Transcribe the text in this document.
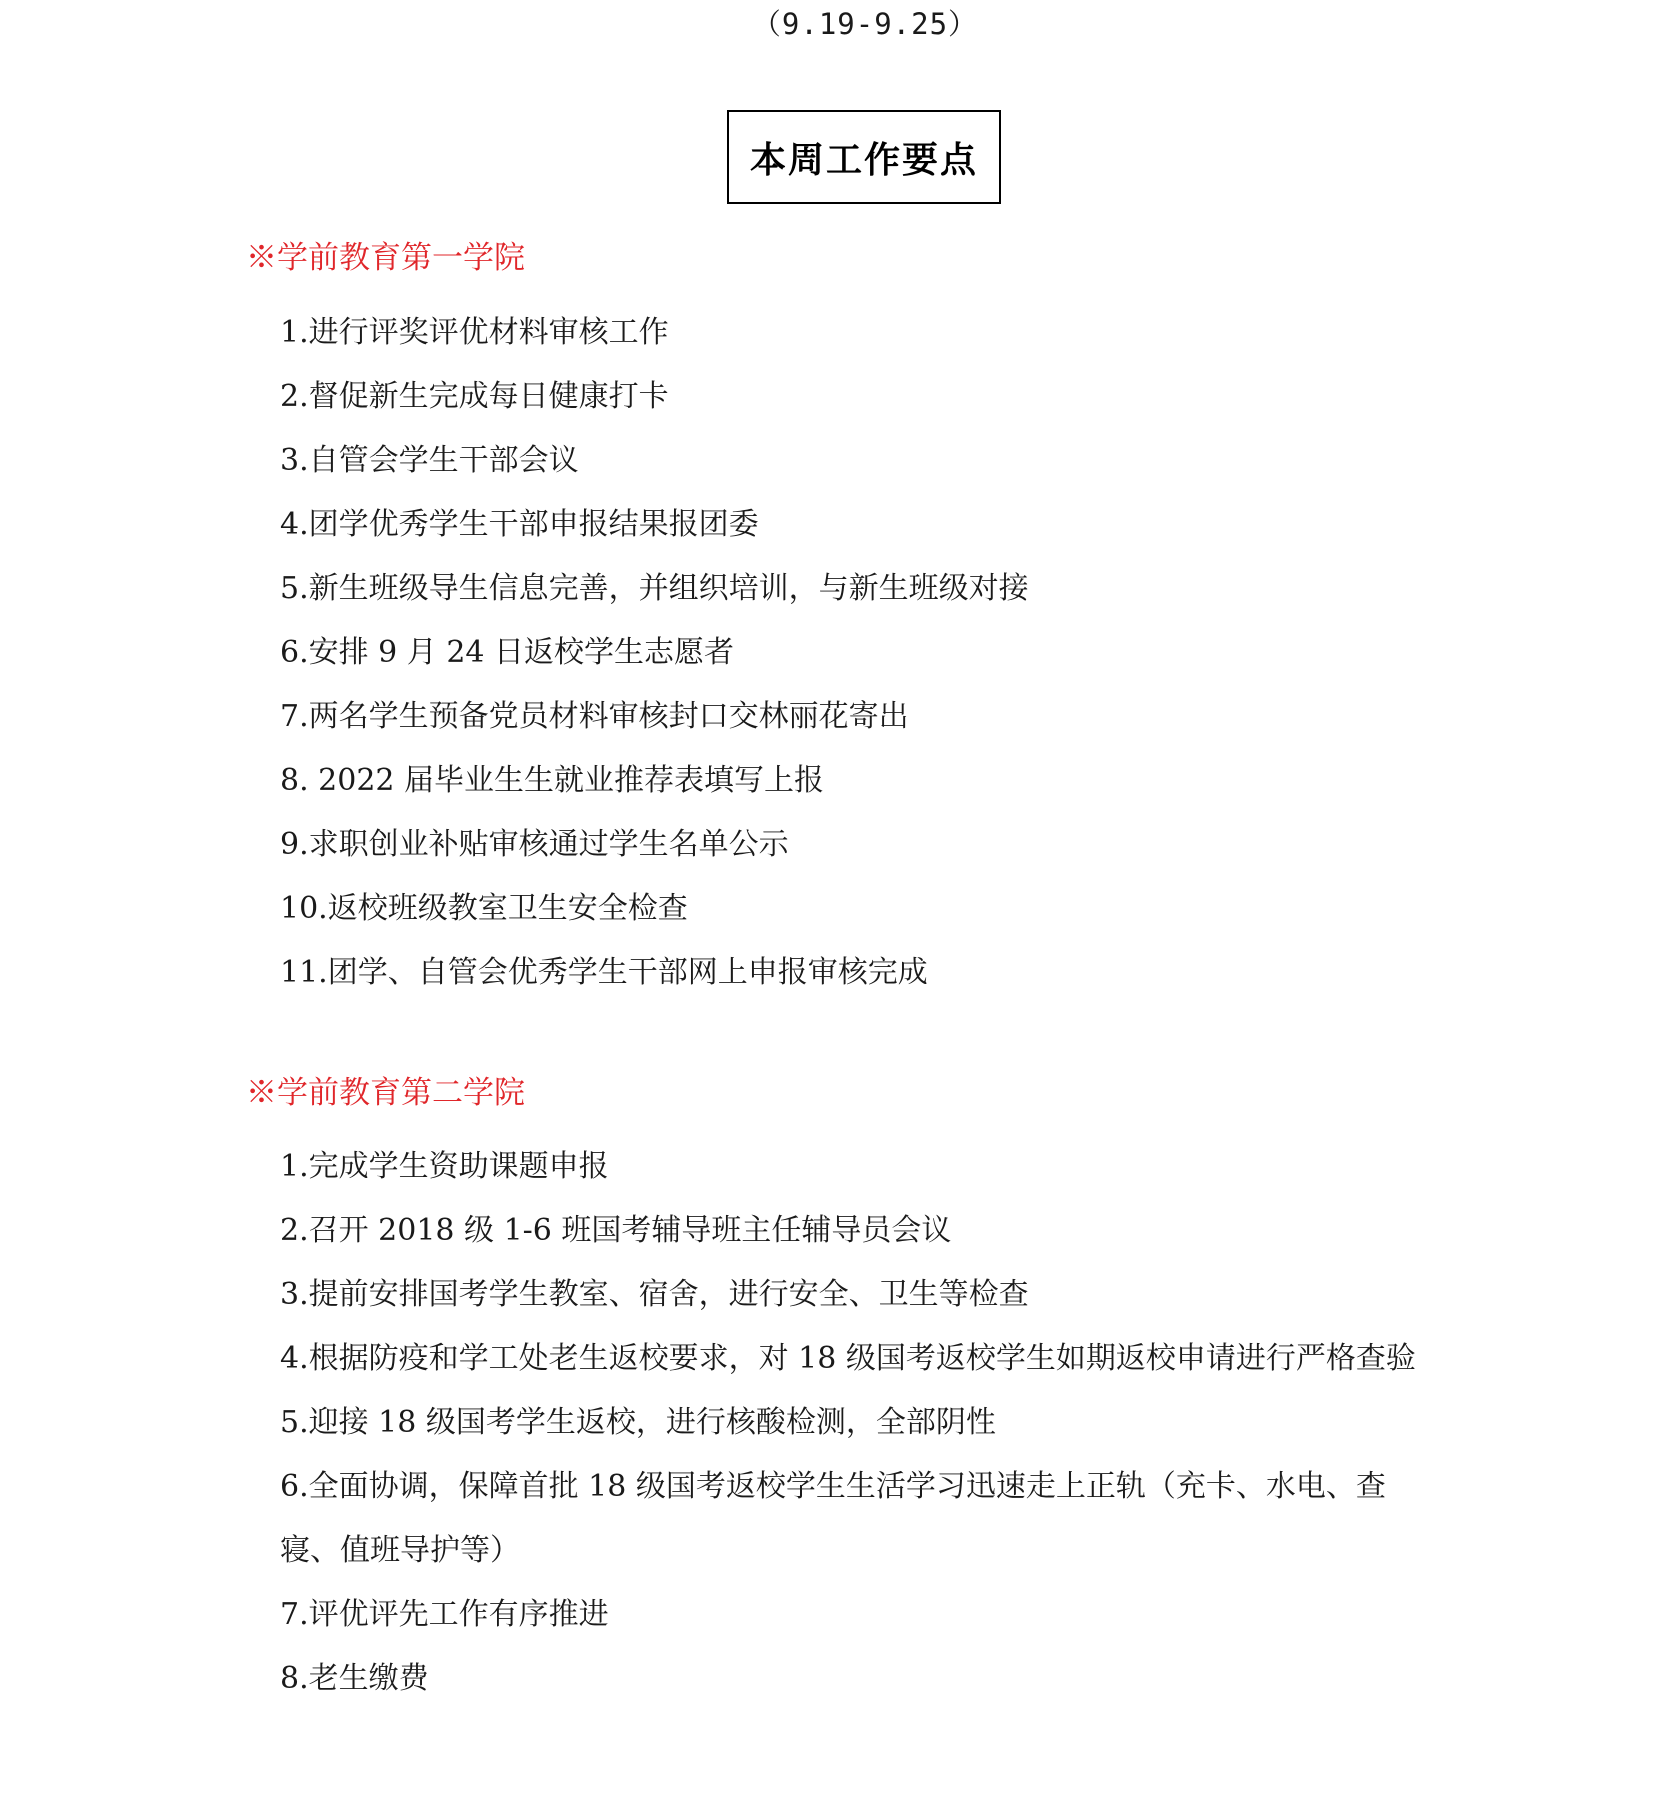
（9.19-9.25）
本周工作要点
※学前教育第一学院
1.进行评奖评优材料审核工作
2.督促新生完成每日健康打卡
3.自管会学生干部会议
4.团学优秀学生干部申报结果报团委
5.新生班级导生信息完善，并组织培训，与新生班级对接
6.安排 9 月 24 日返校学生志愿者
7.两名学生预备党员材料审核封口交林丽花寄出
8. 2022 届毕业生生就业推荐表填写上报
9.求职创业补贴审核通过学生名单公示
10.返校班级教室卫生安全检查
11.团学、自管会优秀学生干部网上申报审核完成
※学前教育第二学院
1.完成学生资助课题申报
2.召开 2018 级 1-6 班国考辅导班主任辅导员会议
3.提前安排国考学生教室、宿舍，进行安全、卫生等检查
4.根据防疫和学工处老生返校要求，对 18 级国考返校学生如期返校申请进行严格查验
5.迎接 18 级国考学生返校，进行核酸检测，全部阴性
6.全面协调，保障首批 18 级国考返校学生生活学习迅速走上正轨（充卡、水电、查寝、值班导护等）
7.评优评先工作有序推进
8.老生缴费
